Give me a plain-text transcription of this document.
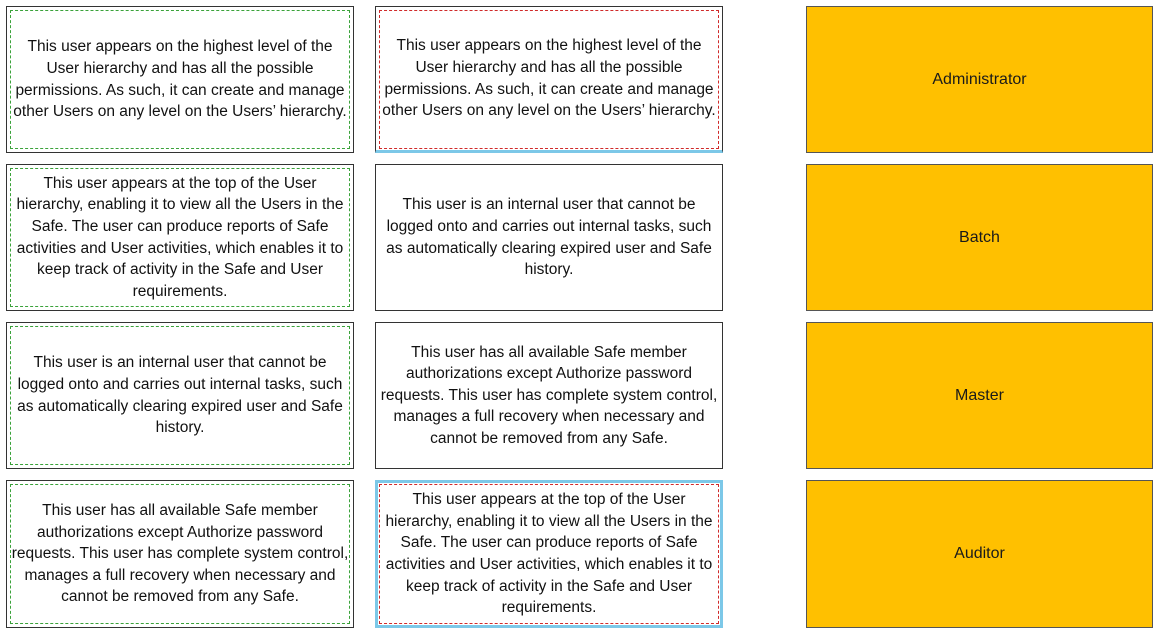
This user appears on the highest level of the User hierarchy and has all the possible permissions. As such, it can create and manage other Users on any level on the Users’ hierarchy.
This user appears at the top of the User hierarchy, enabling it to view all the Users in the Safe. The user can produce reports of Safe activities and User activities, which enables it to keep track of activity in the Safe and User requirements.
This user is an internal user that cannot be logged onto and carries out internal tasks, such as automatically clearing expired user and Safe history.
This user has all available Safe member authorizations except Authorize password requests. This user has complete system control, manages a full recovery when necessary and cannot be removed from any Safe.
This user appears on the highest level of the User hierarchy and has all the possible permissions. As such, it can create and manage other Users on any level on the Users’ hierarchy.
This user is an internal user that cannot be logged onto and carries out internal tasks, such as automatically clearing expired user and Safe history.
This user has all available Safe member authorizations except Authorize password requests. This user has complete system control, manages a full recovery when necessary and cannot be removed from any Safe.
This user appears at the top of the User hierarchy, enabling it to view all the Users in the Safe. The user can produce reports of Safe activities and User activities, which enables it to keep track of activity in the Safe and User requirements.
Administrator
Batch
Master
Auditor
